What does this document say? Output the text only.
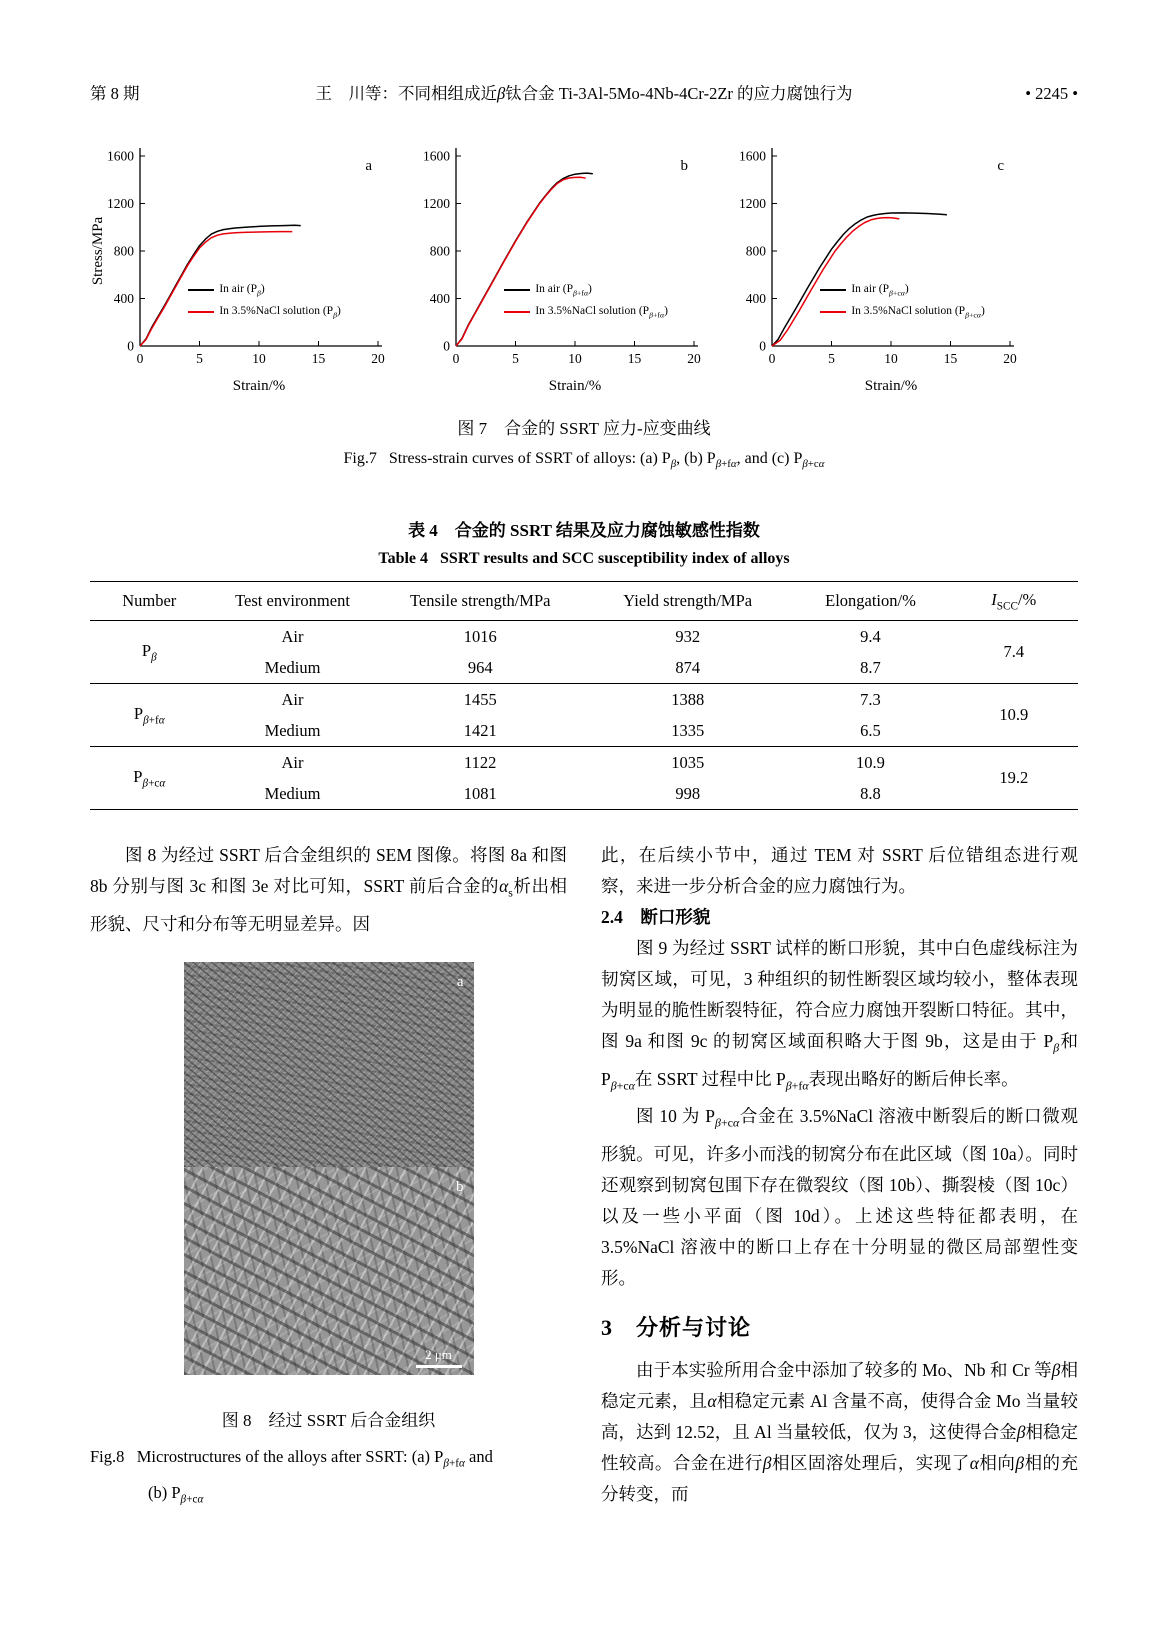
第 8 期	王　川等：不同相组成近β钛合金 Ti-3Al-5Mo-4Nb-4Cr-2Zr 的应力腐蚀行为	• 2245 •
0	5	10	15	20
0
400
800
1200
1600
Strain/%
Stress/MPa
a
In air $(P_\beta)$
In 3.5%NaCl solution $(P_\beta)$
0	5	10	15	20
0
400
800
1200
1600
Strain/%
b
In air $(P_{\beta+f\alpha})$
In 3.5%NaCl solution $(P_{\beta+f\alpha})$
0	5	10	15	20
0
400
800
1200
1600
Strain/%
c
In air $(P_{\beta+c\alpha})$
In 3.5%NaCl solution $(P_{\beta+c\alpha})$

图 7　合金的 SSRT 应力-应变曲线

Fig.7   Stress-strain curves of SSRT of alloys: (a) $P_\beta$, (b) $P_{\beta+f\alpha}$, and (c) $P_{\beta+c\alpha}$

表 4　合金的 SSRT 结果及应力腐蚀敏感性指数

Table 4   SSRT results and SCC susceptibility index of alloys

Number	Test environment	Tensile strength/MPa	Yield strength/MPa	Elongation/%	$I_{SCC}/\%$
$P_\beta$	Air	1016	932	9.4	7.4
	Medium	964	874	8.7	
$P_{\beta+f\alpha}$	Air	1455	1388	7.3	10.9
	Medium	1421	1335	6.5	
$P_{\beta+c\alpha}$	Air	1122	1035	10.9	19.2
	Medium	1081	998	8.8	

图 8 为经过 SSRT 后合金组织的 SEM 图像。将图 8a 和图 8b 分别与图 3c 和图 3e 对比可知，SSRT 前后合金的$\alpha_s$析出相形貌、尺寸和分布等无明显差异。因

a
b
2 μm

图 8　经过 SSRT 后合金组织

Fig.8   Microstructures of the alloys after SSRT: (a) $P_{\beta+f\alpha}$ and

(b) $P_{\beta+c\alpha}$

此，在后续小节中，通过 TEM 对 SSRT 后位错组态进行观察，来进一步分析合金的应力腐蚀行为。

2.4　断口形貌

图 9 为经过 SSRT 试样的断口形貌，其中白色虚线标注为韧窝区域，可见，3 种组织的韧性断裂区域均较小，整体表现为明显的脆性断裂特征，符合应力腐蚀开裂断口特征。其中，图 9a 和图 9c 的韧窝区域面积略大于图 9b，这是由于 $P_\beta$和 $P_{\beta+c\alpha}$在 SSRT 过程中比 $P_{\beta+f\alpha}$表现出略好的断后伸长率。

图 10 为 $P_{\beta+c\alpha}$合金在 3.5%NaCl 溶液中断裂后的断口微观形貌。可见，许多小而浅的韧窝分布在此区域（图 10a）。同时还观察到韧窝包围下存在微裂纹（图 10b）、撕裂棱（图 10c）以及一些小平面（图 10d）。上述这些特征都表明，在 3.5%NaCl 溶液中的断口上存在十分明显的微区局部塑性变形。

3　分析与讨论

由于本实验所用合金中添加了较多的 Mo、Nb 和 Cr 等β相稳定元素，且α相稳定元素 Al 含量不高，使得合金 Mo 当量较高，达到 12.52，且 Al 当量较低，仅为 3，这使得合金β相稳定性较高。合金在进行β相区固溶处理后，实现了α相向β相的充分转变，而
